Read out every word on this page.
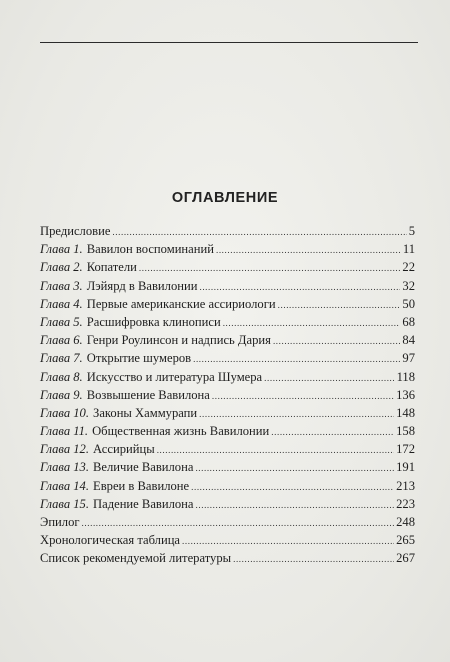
ОГЛАВЛЕНИЕ
Предисловие .....	5
Глава 1. Вавилон воспоминаний .....	11
Глава 2. Копатели .....	22
Глава 3. Лэйярд в Вавилонии .....	32
Глава 4. Первые американские ассириологи .....	50
Глава 5. Расшифровка клинописи .....	68
Глава 6. Генри Роулинсон и надпись Дария .....	84
Глава 7. Открытие шумеров .....	97
Глава 8. Искусство и литература Шумера .....	118
Глава 9. Возвышение Вавилона .....	136
Глава 10. Законы Хаммурапи .....	148
Глава 11. Общественная жизнь Вавилонии .....	158
Глава 12. Ассирийцы .....	172
Глава 13. Величие Вавилона .....	191
Глава 14. Евреи в Вавилоне .....	213
Глава 15. Падение Вавилона .....	223
Эпилог .....	248
Хронологическая таблица .....	265
Список рекомендуемой литературы .....	267
